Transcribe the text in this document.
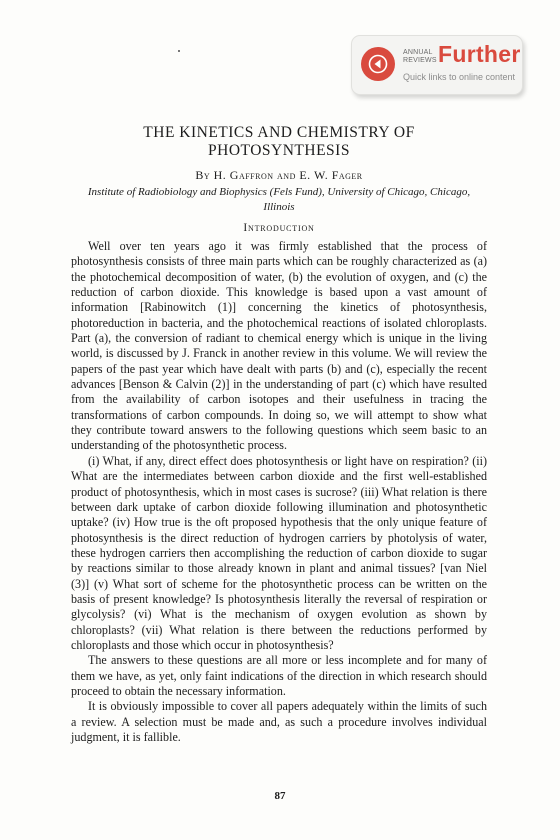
ANNUAL
REVIEWS Further
Quick links to online content
THE KINETICS AND CHEMISTRY OF PHOTOSYNTHESIS
By H. Gaffron and E. W. Fager
Institute of Radiobiology and Biophysics (Fels Fund), University of Chicago, Chicago, Illinois
Introduction

Well over ten years ago it was firmly established that the process of photosynthesis consists of three main parts which can be roughly characterized as (a) the photochemical decomposition of water, (b) the evolution of oxygen, and (c) the reduction of carbon dioxide. This knowledge is based upon a vast amount of information [Rabinowitch (1)] concerning the kinetics of photosynthesis, photoreduction in bacteria, and the photochemical reactions of isolated chloroplasts. Part (a), the conversion of radiant to chemical energy which is unique in the living world, is discussed by J. Franck in another review in this volume. We will review the papers of the past year which have dealt with parts (b) and (c), especially the recent advances [Benson & Calvin (2)] in the understanding of part (c) which have resulted from the availability of carbon isotopes and their usefulness in tracing the transformations of carbon compounds. In doing so, we will attempt to show what they contribute toward answers to the following questions which seem basic to an understanding of the photosynthetic process.

(i) What, if any, direct effect does photosynthesis or light have on respiration? (ii) What are the intermediates between carbon dioxide and the first well-established product of photosynthesis, which in most cases is sucrose? (iii) What relation is there between dark uptake of carbon dioxide following illumination and photosynthetic uptake? (iv) How true is the oft proposed hypothesis that the only unique feature of photosynthesis is the direct reduction of hydrogen carriers by photolysis of water, these hydrogen carriers then accomplishing the reduction of carbon dioxide to sugar by reactions similar to those already known in plant and animal tissues? [van Niel (3)] (v) What sort of scheme for the photosynthetic process can be written on the basis of present knowledge? Is photosynthesis literally the reversal of respiration or glycolysis? (vi) What is the mechanism of oxygen evolution as shown by chloroplasts? (vii) What relation is there between the reductions performed by chloroplasts and those which occur in photosynthesis?

The answers to these questions are all more or less incomplete and for many of them we have, as yet, only faint indications of the direction in which research should proceed to obtain the necessary information.

It is obviously impossible to cover all papers adequately within the limits of such a review. A selection must be made and, as such a procedure involves individual judgment, it is fallible.

87
